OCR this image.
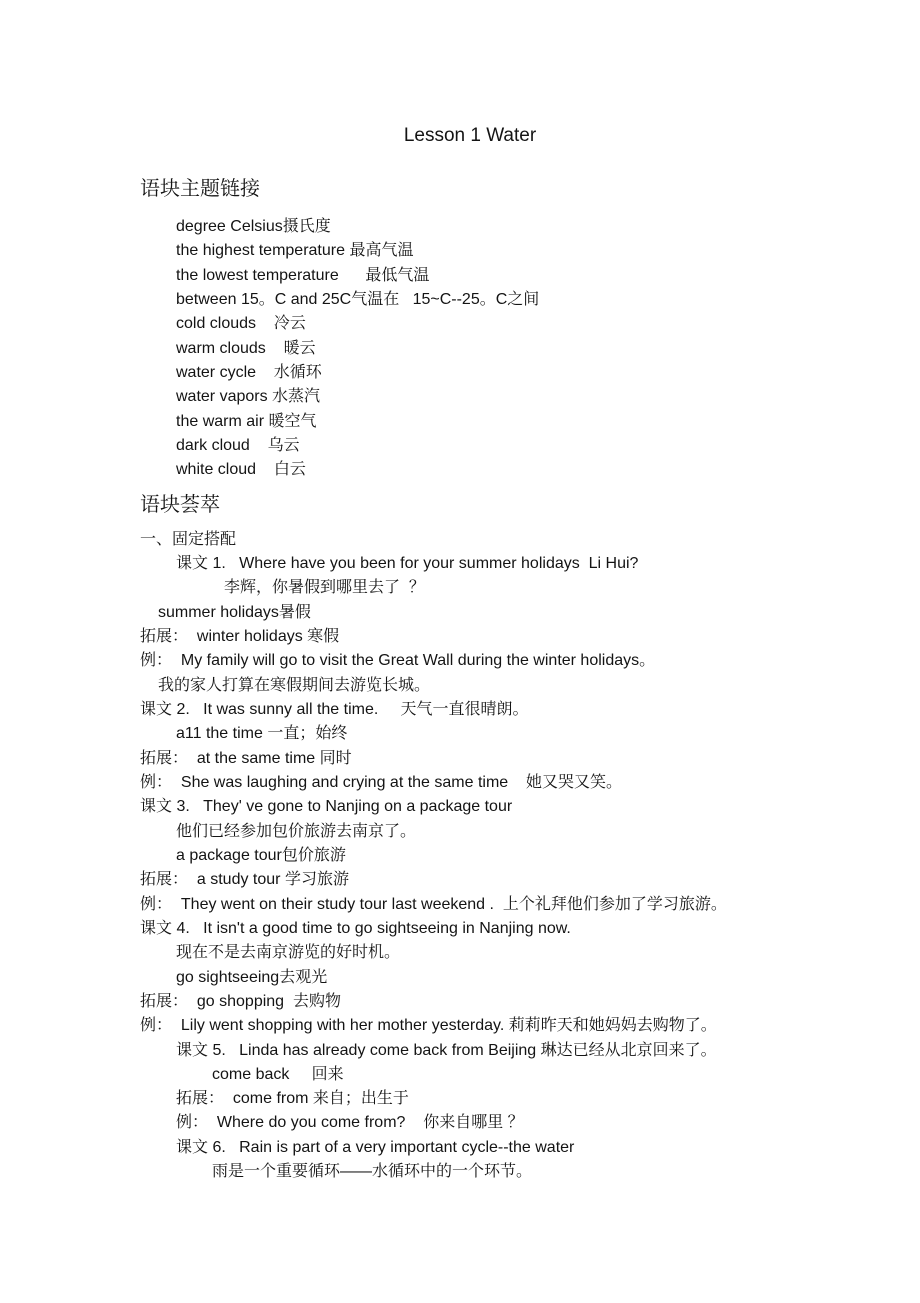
Lesson 1 Water
语块主题链接
degree Celsius摄氏度
the highest temperature 最高气温
the lowest temperature      最低气温
between 15。C and 25C气温在   15~C--25。C之间
cold clouds    冷云
warm clouds    暖云
water cycle    水循环
water vapors 水蒸汽
the warm air 暖空气
dark cloud    乌云
white cloud    白云
语块荟萃
一、固定搭配
课文 1.   Where have you been for your summer holidays  Li Hui?
李辉，你暑假到哪里去了  ？
summer holidays暑假
拓展：  winter holidays 寒假
例：  My family will go to visit the Great Wall during the winter holidays。
我的家人打算在寒假期间去游览长城。
课文 2.   It was sunny all the time.     天气一直很晴朗。
a11 the time 一直；始终
拓展：  at the same time 同时
例：  She was laughing and crying at the same time    她又哭又笑。
课文 3.   They' ve gone to Nanjing on a package tour
他们已经参加包价旅游去南京了。
a package tour包价旅游
拓展：  a study tour 学习旅游
例：  They went on their study tour last weekend .  上个礼拜他们参加了学习旅游。
课文 4.   It isn't a good time to go sightseeing in Nanjing now.
现在不是去南京游览的好时机。
go sightseeing去观光
拓展：  go shopping  去购物
例：  Lily went shopping with her mother yesterday. 莉莉昨天和她妈妈去购物了。
课文 5.   Linda has already come back from Beijing 琳达已经从北京回来了。
come back     回来
拓展：  come from 来自；出生于
例：  Where do you come from?    你来自哪里 ？
课文 6.   Rain is part of a very important cycle--the water
雨是一个重要循环——水循环中的一个环节。
